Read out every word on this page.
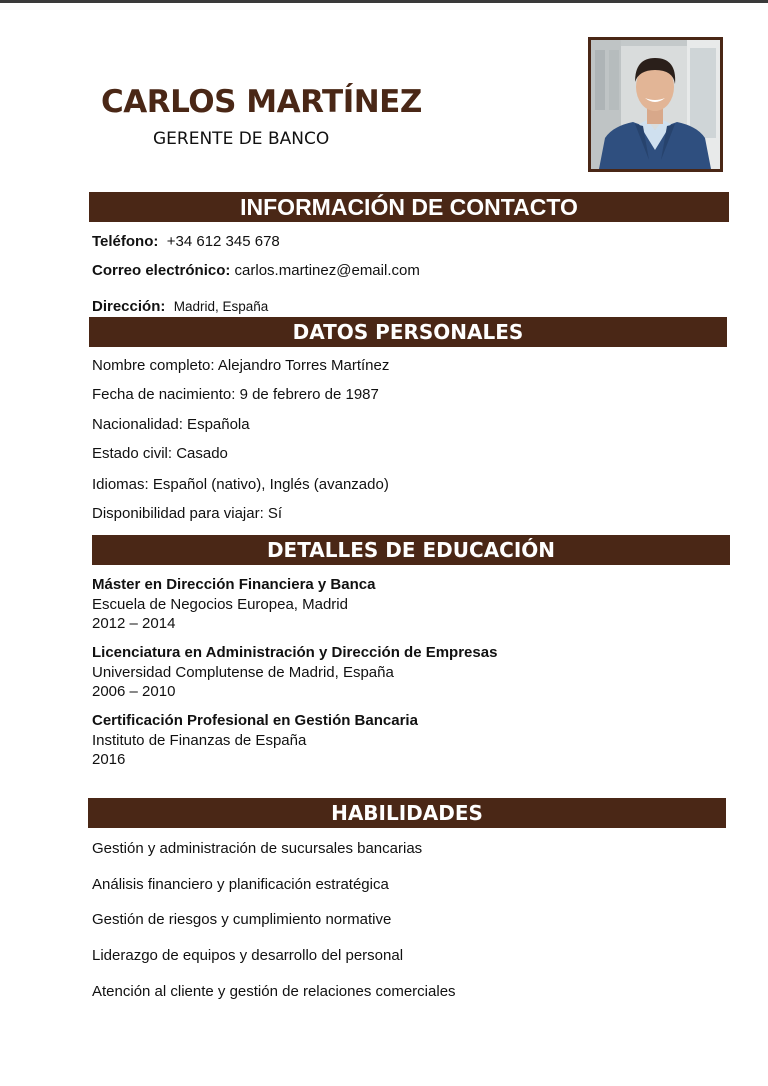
CARLOS MARTÍNEZ
GERENTE DE BANCO
INFORMACIÓN DE CONTACTO
Teléfono: +34 612 345 678
Correo electrónico: carlos.martinez@email.com
Dirección: Madrid, España
DATOS PERSONALES
Nombre completo: Alejandro Torres Martínez
Fecha de nacimiento: 9 de febrero de 1987
Nacionalidad: Española
Estado civil: Casado
Idiomas: Español (nativo), Inglés (avanzado)
Disponibilidad para viajar: Sí
DETALLES DE EDUCACIÓN
Máster en Dirección Financiera y Banca
Escuela de Negocios Europea, Madrid
2012 – 2014
Licenciatura en Administración y Dirección de Empresas
Universidad Complutense de Madrid, España
2006 – 2010
Certificación Profesional en Gestión Bancaria
Instituto de Finanzas de España
2016
HABILIDADES
Gestión y administración de sucursales bancarias
Análisis financiero y planificación estratégica
Gestión de riesgos y cumplimiento normative
Liderazgo de equipos y desarrollo del personal
Atención al cliente y gestión de relaciones comerciales
